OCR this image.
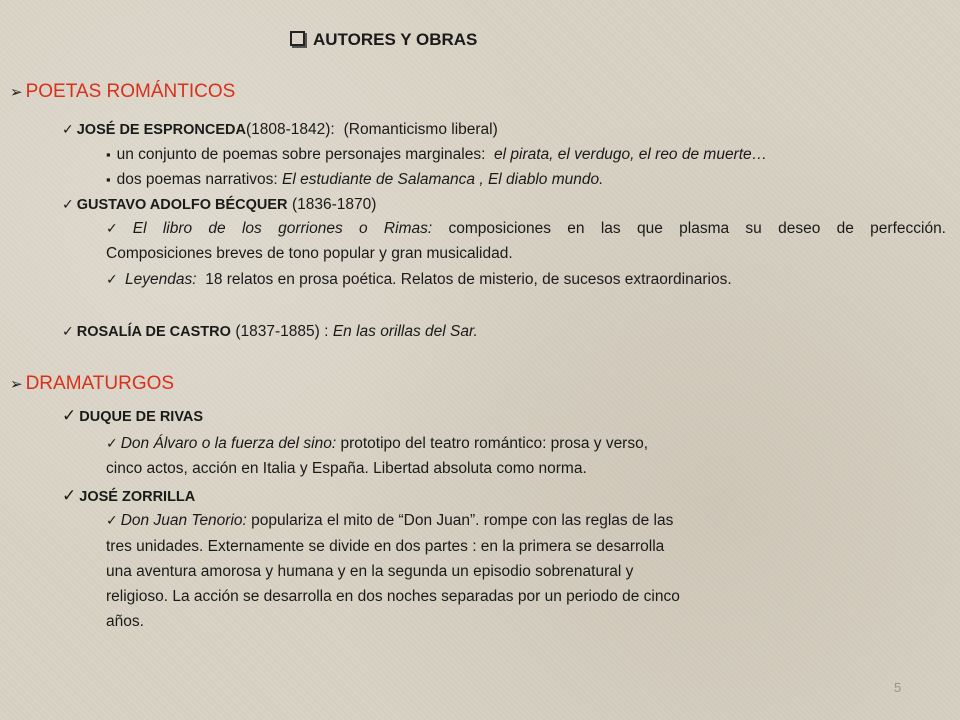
AUTORES Y OBRAS
➢ POETAS ROMÁNTICOS
✓ JOSÉ DE ESPRONCEDA(1808-1842): (Romanticismo liberal)
▪ un conjunto de poemas sobre personajes marginales: el pirata, el verdugo, el reo de muerte…
▪ dos poemas narrativos: El estudiante de Salamanca , El diablo mundo.
✓ GUSTAVO ADOLFO BÉCQUER (1836-1870)
✓ El libro de los gorriones o Rimas: composiciones en las que plasma su deseo de perfección.
Composiciones breves de tono popular y gran musicalidad.
✓ Leyendas: 18 relatos en prosa poética. Relatos de misterio, de sucesos extraordinarios.
✓ ROSALÍA DE CASTRO (1837-1885) : En las orillas del Sar.
➢ DRAMATURGOS
✓ DUQUE DE RIVAS
✓ Don Álvaro o la fuerza del sino: prototipo del teatro romántico: prosa y verso,
cinco actos, acción en Italia y España. Libertad absoluta como norma.
✓ JOSÉ ZORRILLA
✓ Don Juan Tenorio: populariza el mito de “Don Juan”. rompe con las reglas de las
tres unidades. Externamente se divide en dos partes : en la primera se desarrolla
una aventura amorosa y humana y en la segunda un episodio sobrenatural y
religioso. La acción se desarrolla en dos noches separadas por un periodo de cinco
años.
5
